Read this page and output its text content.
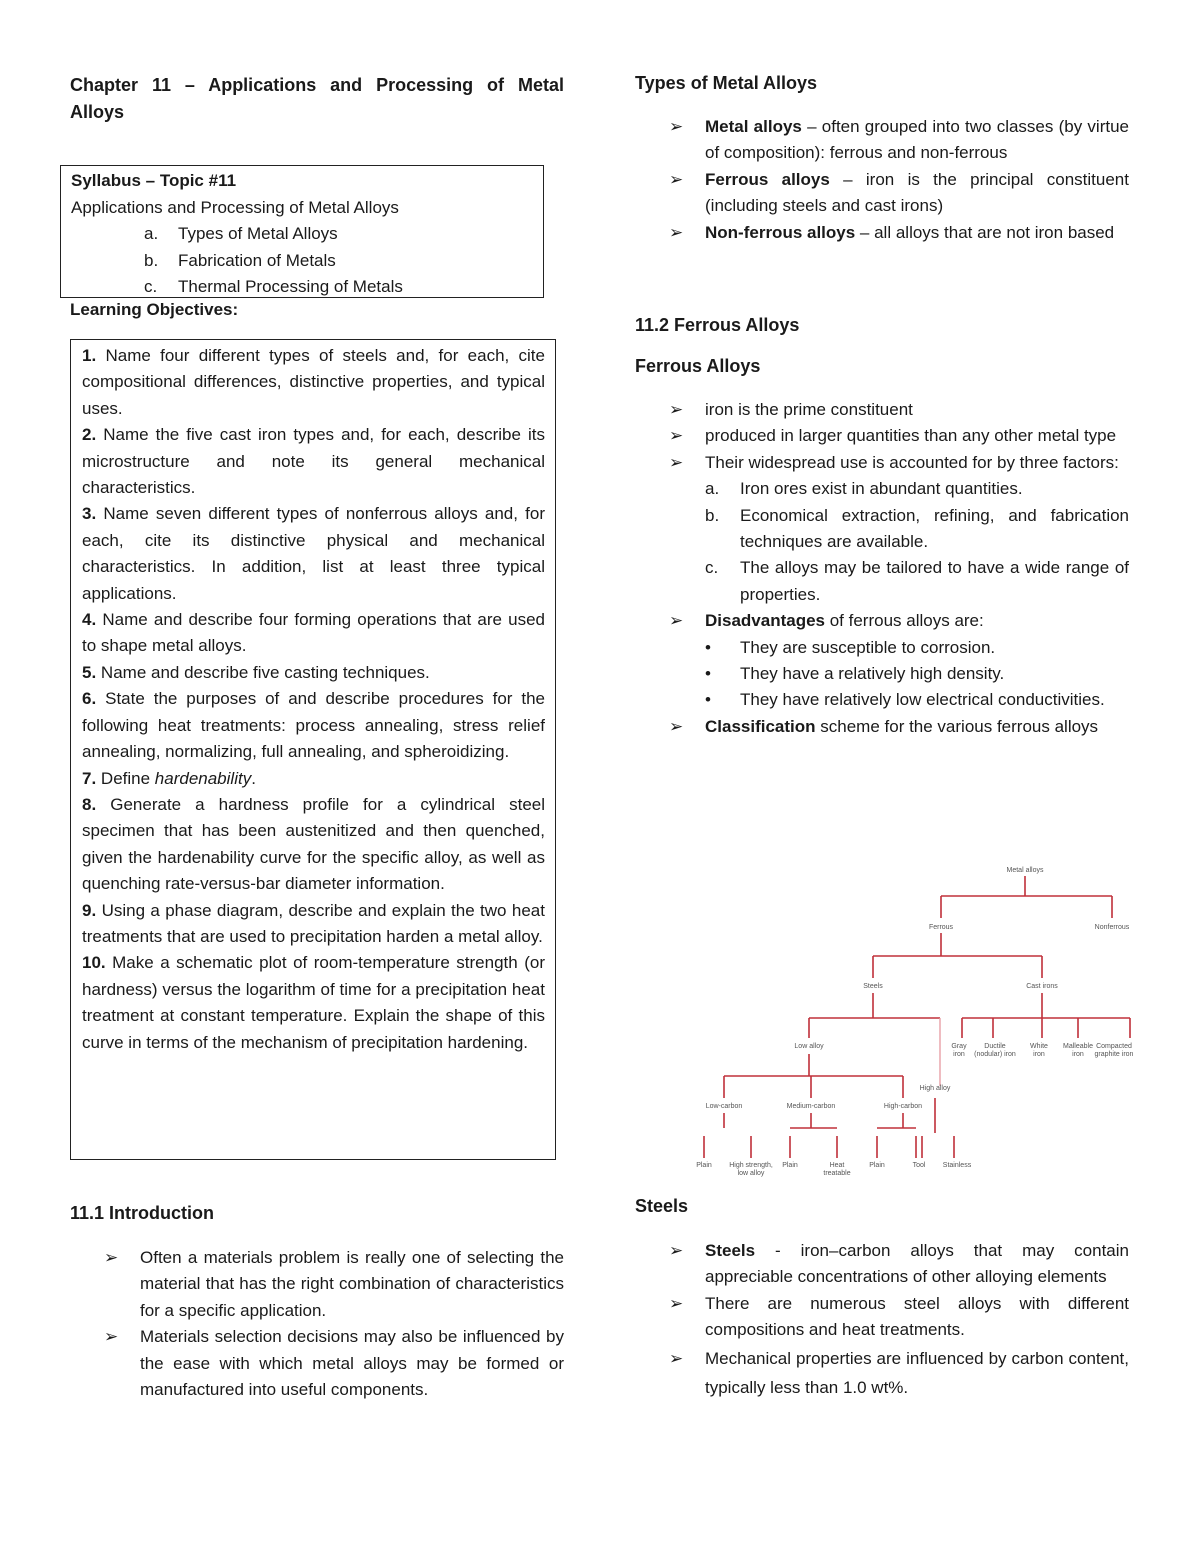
Chapter 11 – Applications and Processing of Metal
Alloys
Syllabus – Topic #11
Applications and Processing of Metal Alloys
a.	Types of Metal Alloys
b.	Fabrication of Metals
c.	Thermal Processing of Metals
Learning Objectives:

1. Name four different types of steels and, for each, cite compositional differences, distinctive properties, and typical uses.

2. Name the five cast iron types and, for each, describe its microstructure and note its general mechanical characteristics.

3. Name seven different types of nonferrous alloys and, for each, cite its distinctive physical and mechanical characteristics. In addition, list at least three typical applications.

4. Name and describe four forming operations that are used to shape metal alloys.

5. Name and describe five casting techniques.

6. State the purposes of and describe procedures for the following heat treatments: process annealing, stress relief annealing, normalizing, full annealing, and spheroidizing.

7. Define hardenability.

8. Generate a hardness profile for a cylindrical steel specimen that has been austenitized and then quenched, given the hardenability curve for the specific alloy, as well as quenching rate-versus-bar diameter information.

9. Using a phase diagram, describe and explain the two heat treatments that are used to precipitation harden a metal alloy.

10. Make a schematic plot of room-temperature strength (or hardness) versus the logarithm of time for a precipitation heat treatment at constant temperature. Explain the shape of this curve in terms of the mechanism of precipitation hardening.

11.1 Introduction
➢ Often a materials problem is really one of selecting the material that has the right combination of characteristics for a specific application.
➢ Materials selection decisions may also be influenced by the ease with which metal alloys may be formed or manufactured into useful components.
Types of Metal Alloys
➢ Metal alloys – often grouped into two classes (by virtue of composition): ferrous and non-ferrous
➢ Ferrous alloys – iron is the principal constituent (including steels and cast irons)
➢ Non-ferrous alloys – all alloys that are not iron based
11.2 Ferrous Alloys
Ferrous Alloys
➢ iron is the prime constituent
➢ produced in larger quantities than any other metal type
➢ Their widespread use is accounted for by three factors:
a. Iron ores exist in abundant quantities.
b. Economical extraction, refining, and fabrication techniques are available.
c. The alloys may be tailored to have a wide range of properties.
➢ Disadvantages of ferrous alloys are:
• They are susceptible to corrosion.
• They have a relatively high density.
• They have relatively low electrical conductivities.
➢ Classification scheme for the various ferrous alloys
Metal alloys
Ferrous	Nonferrous
Steels	Cast irons
Low alloy
High alloy
Low-carbon	Medium-carbon	High-carbon
Gray
iron
Ductile
(nodular) iron
White
iron
Malleable
iron
Compacted
graphite iron
Plain High strength,
low alloy
Plain	Heat
treatable
Plain	Tool Stainless
Steels
➢ Steels - iron–carbon alloys that may contain appreciable concentrations of other alloying elements
➢ There are numerous steel alloys with different compositions and heat treatments.
➢ Mechanical properties are influenced by carbon content, typically less than 1.0 wt%.
